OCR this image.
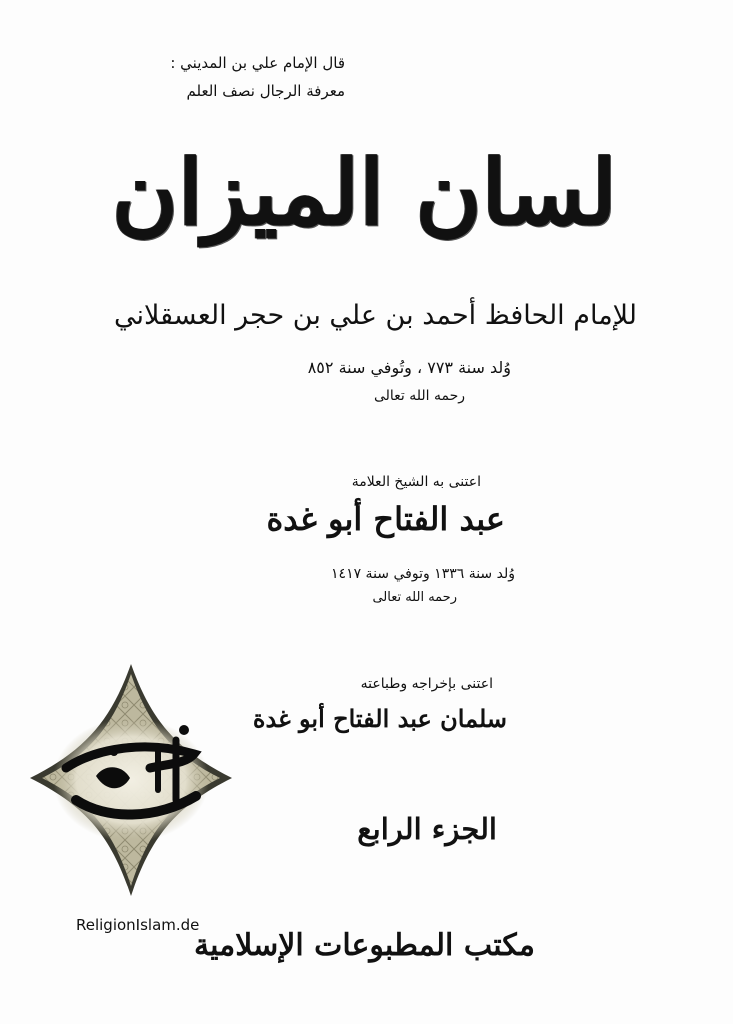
قال الإمام علي بن المديني :
معرفة الرجال نصف العلم
لسان الميزان
للإمام الحافظ أحمد بن علي بن حجر العسقلاني
وُلد سنة ٧٧٣ ، وتُوفي سنة ٨٥٢
رحمه الله تعالى
اعتنى به الشيخ العلامة
عبد الفتاح أبو غدة
وُلد سنة ١٣٣٦ وتوفي سنة ١٤١٧
رحمه الله تعالى
اعتنى بإخراجه وطباعته
سلمان عبد الفتاح أبو غدة
الجزء الرابع
مكتب المطبوعات الإسلامية
ReligionIslam.de
